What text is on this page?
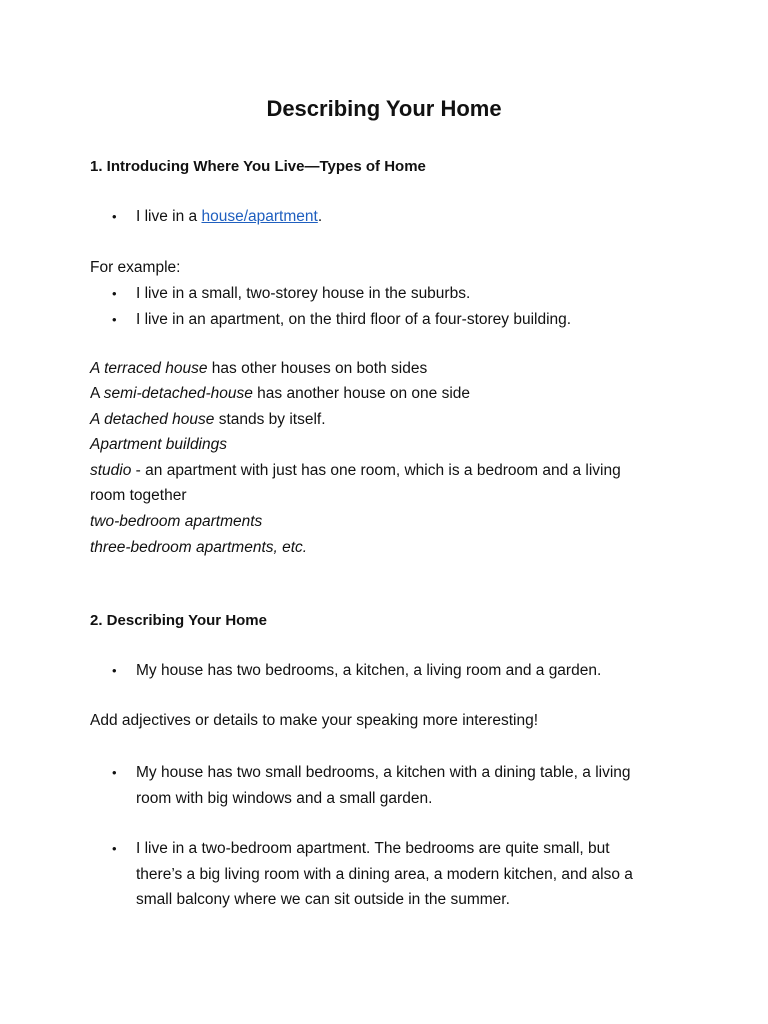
Describing Your Home
1. Introducing Where You Live—Types of Home
• I live in a house/apartment.

For example:

• I live in a small, two-storey house in the suburbs.
• I live in an apartment, on the third floor of a four-storey building.

A terraced house has other houses on both sides

A semi-detached-house has another house on one side

A detached house stands by itself.

Apartment buildings

studio - an apartment with just has one room, which is a bedroom and a living

room together

two-bedroom apartments

three-bedroom apartments, etc.

2. Describing Your Home
• My house has two bedrooms, a kitchen, a living room and a garden.

Add adjectives or details to make your speaking more interesting!

• My house has two small bedrooms, a kitchen with a dining table, a living room with big windows and a small garden.
• I live in a two-bedroom apartment. The bedrooms are quite small, but there’s a big living room with a dining area, a modern kitchen, and also a small balcony where we can sit outside in the summer.
